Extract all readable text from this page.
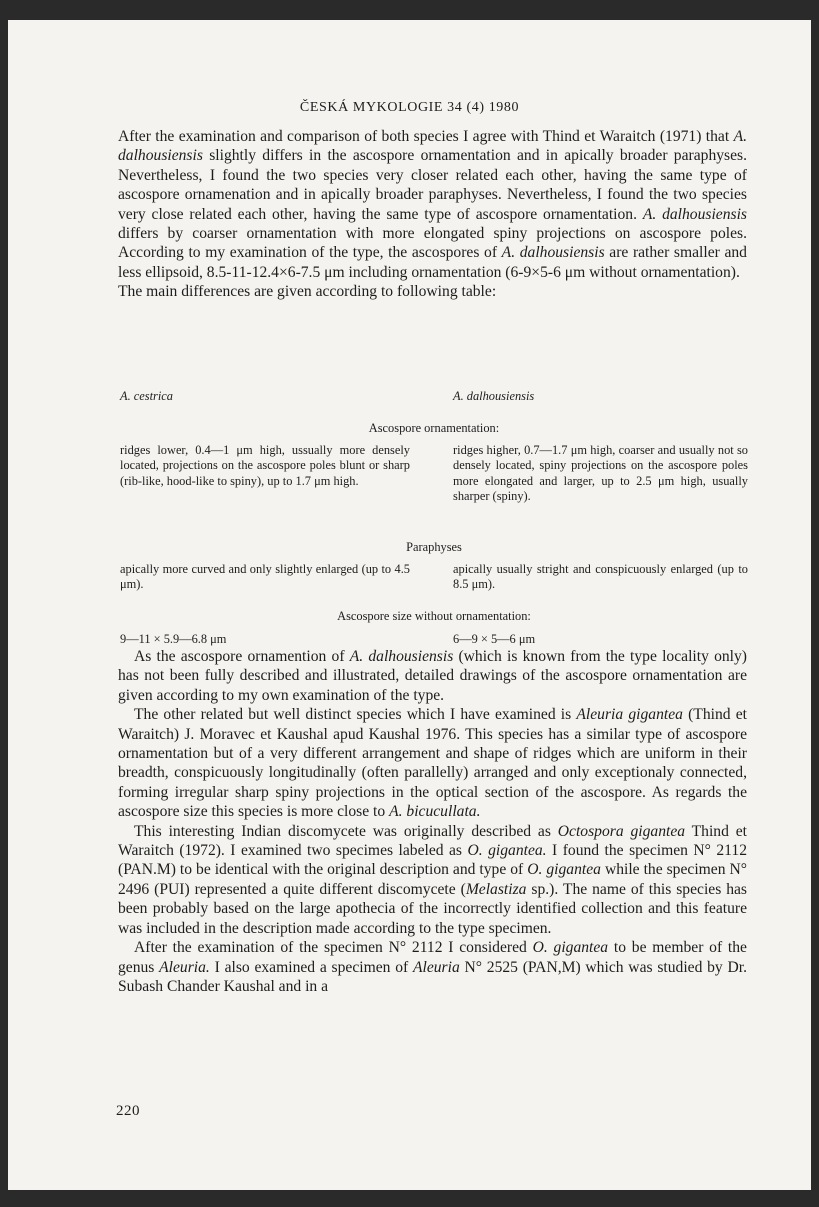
ČESKÁ MYKOLOGIE 34 (4) 1980

After the examination and comparison of both species I agree with Thind et Waraitch (1971) that A. dalhousiensis slightly differs in the ascospore ornamentation and in apically broader paraphyses. Nevertheless, I found the two species very closer related each other, having the same type of ascospore ornamenation and in apically broader paraphyses. Nevertheless, I found the two species very close related each other, having the same type of ascospore ornamentation. A. dalhousiensis differs by coarser ornamentation with more elongated spiny projections on ascospore poles. According to my examination of the type, the ascospores of A. dalhousiensis are rather smaller and less ellipsoid, 8.5-11-12.4×6-7.5 μm including ornamentation (6-9×5-6 μm without ornamentation).

The main differences are given according to following table:

A. cestrica	A. dalhousiensis
Ascospore ornamentation:
ridges lower, 0.4—1 μm high, ussually more densely located, projections on the ascospore poles blunt or sharp (rib-like, hood-like to spiny), up to 1.7 μm high.
ridges higher, 0.7—1.7 μm high, coarser and usually not so densely located, spiny projections on the ascospore poles more elongated and larger, up to 2.5 μm high, usually sharper (spiny).
Paraphyses
apically more curved and only slightly enlarged (up to 4.5 μm).
apically usually stright and conspicuously enlarged (up to 8.5 μm).
Ascospore size without ornamentation:
9—11 × 5.9—6.8 μm	6—9 × 5—6 μm

As the ascospore ornamention of A. dalhousiensis (which is known from the type locality only) has not been fully described and illustrated, detailed drawings of the ascospore ornamentation are given according to my own examination of the type.

The other related but well distinct species which I have examined is Aleuria gigantea (Thind et Waraitch) J. Moravec et Kaushal apud Kaushal 1976. This species has a similar type of ascospore ornamentation but of a very different arrangement and shape of ridges which are uniform in their breadth, conspicuously longitudinally (often parallelly) arranged and only exceptionaly connected, forming irregular sharp spiny projections in the optical section of the ascospore. As regards the ascospore size this species is more close to A. bicucullata.

This interesting Indian discomycete was originally described as Octospora gigantea Thind et Waraitch (1972). I examined two specimes labeled as O. gigantea. I found the specimen N° 2112 (PAN.M) to be identical with the original description and type of O. gigantea while the specimen N° 2496 (PUI) represented a quite different discomycete (Melastiza sp.). The name of this species has been probably based on the large apothecia of the incorrectly identified collection and this feature was included in the description made according to the type specimen.

After the examination of the specimen N° 2112 I considered O. gigantea to be member of the genus Aleuria. I also examined a specimen of Aleuria N° 2525 (PAN,M) which was studied by Dr. Subash Chander Kaushal and in a

220
